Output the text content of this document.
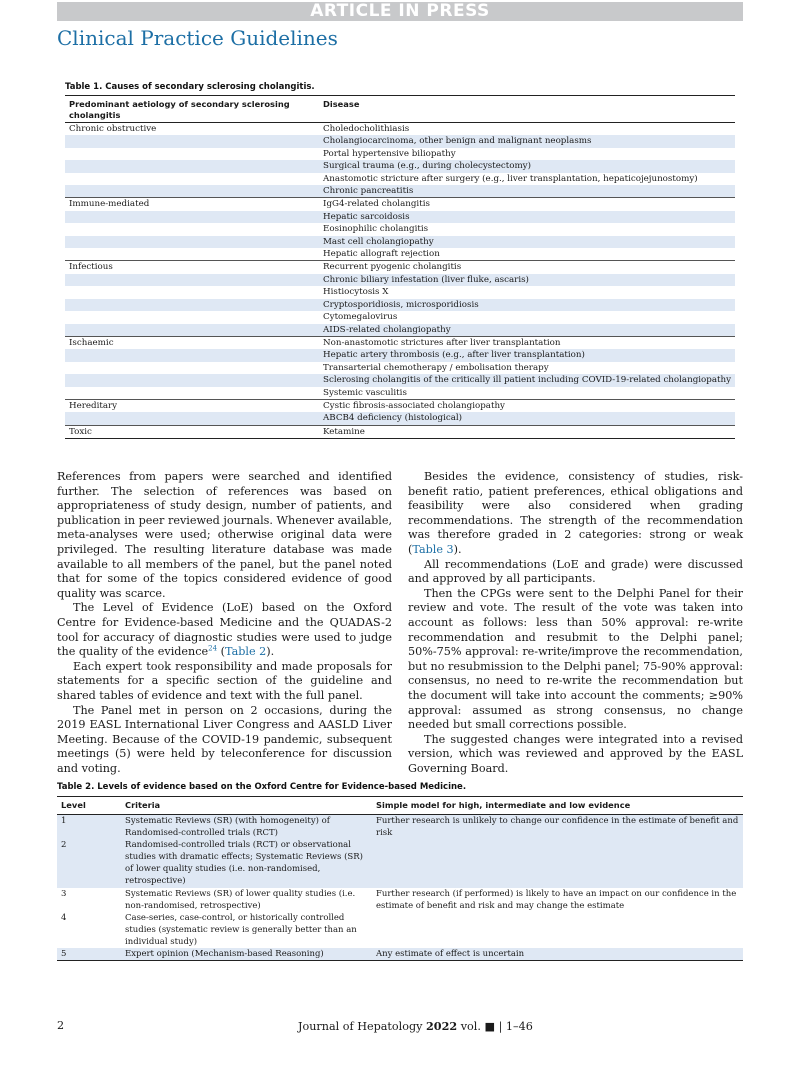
ARTICLE IN PRESS
Clinical Practice Guidelines
Table 1. Causes of secondary sclerosing cholangitis.
Predominant aetiology of secondary sclerosing cholangitis	Disease
Chronic obstructive	Choledocholithiasis
	Cholangiocarcinoma, other benign and malignant neoplasms
	Portal hypertensive biliopathy
	Surgical trauma (e.g., during cholecystectomy)
	Anastomotic stricture after surgery (e.g., liver transplantation, hepaticojejunostomy)
	Chronic pancreatitis
Immune-mediated	IgG4-related cholangitis
	Hepatic sarcoidosis
	Eosinophilic cholangitis
	Mast cell cholangiopathy
	Hepatic allograft rejection
Infectious	Recurrent pyogenic cholangitis
	Chronic biliary infestation (liver fluke, ascaris)
	Histiocytosis X
	Cryptosporidiosis, microsporidiosis
	Cytomegalovirus
	AIDS-related cholangiopathy
Ischaemic	Non-anastomotic strictures after liver transplantation
	Hepatic artery thrombosis (e.g., after liver transplantation)
	Transarterial chemotherapy / embolisation therapy
	Sclerosing cholangitis of the critically ill patient including COVID-19-related cholangiopathy
	Systemic vasculitis
Hereditary	Cystic fibrosis-associated cholangiopathy
	ABCB4 deficiency (histological)
Toxic	Ketamine

References from papers were searched and identified further. The selection of references was based on appropriateness of study design, number of patients, and publication in peer reviewed journals. Whenever available, meta-analyses were used; otherwise original data were privileged. The resulting literature database was made available to all members of the panel, but the panel noted that for some of the topics considered evidence of good quality was scarce.

The Level of Evidence (LoE) based on the Oxford Centre for Evidence-based Medicine and the QUADAS-2 tool for accuracy of diagnostic studies were used to judge the quality of the evidence$^{24}$ (Table 2).

Each expert took responsibility and made proposals for statements for a specific section of the guideline and shared tables of evidence and text with the full panel.

The Panel met in person on 2 occasions, during the 2019 EASL International Liver Congress and AASLD Liver Meeting. Because of the COVID-19 pandemic, subsequent meetings (5) were held by teleconference for discussion and voting.

Besides the evidence, consistency of studies, risk-benefit ratio, patient preferences, ethical obligations and feasibility were also considered when grading recommendations. The strength of the recommendation was therefore graded in 2 categories: strong or weak (Table 3).

All recommendations (LoE and grade) were discussed and approved by all participants.

Then the CPGs were sent to the Delphi Panel for their review and vote. The result of the vote was taken into account as follows: less than 50% approval: re-write recommendation and resubmit to the Delphi panel; 50%-75% approval: re-write/improve the recommendation, but no resubmission to the Delphi panel; 75-90% approval: consensus, no need to re-write the recommendation but the document will take into account the comments; ≥90% approval: assumed as strong consensus, no change needed but small corrections possible.

The suggested changes were integrated into a revised version, which was reviewed and approved by the EASL Governing Board.

Table 2. Levels of evidence based on the Oxford Centre for Evidence-based Medicine.
Level	Criteria	Simple model for high, intermediate and low evidence
1	Systematic Reviews (SR) (with homogeneity) of Randomised-controlled trials (RCT)	Further research is unlikely to change our confidence in the estimate of benefit and risk
2	Randomised-controlled trials (RCT) or observational studies with dramatic effects; Systematic Reviews (SR) of lower quality studies (i.e. non-randomised, retrospective)	
3	Systematic Reviews (SR) of lower quality studies (i.e. non-randomised, retrospective)	Further research (if performed) is likely to have an impact on our confidence in the estimate of benefit and risk and may change the estimate
4	Case-series, case-control, or historically controlled studies (systematic review is generally better than an individual study)	
5	Expert opinion (Mechanism-based Reasoning)	Any estimate of effect is uncertain
2	Journal of Hepatology 2022 vol. ■ | 1–46
